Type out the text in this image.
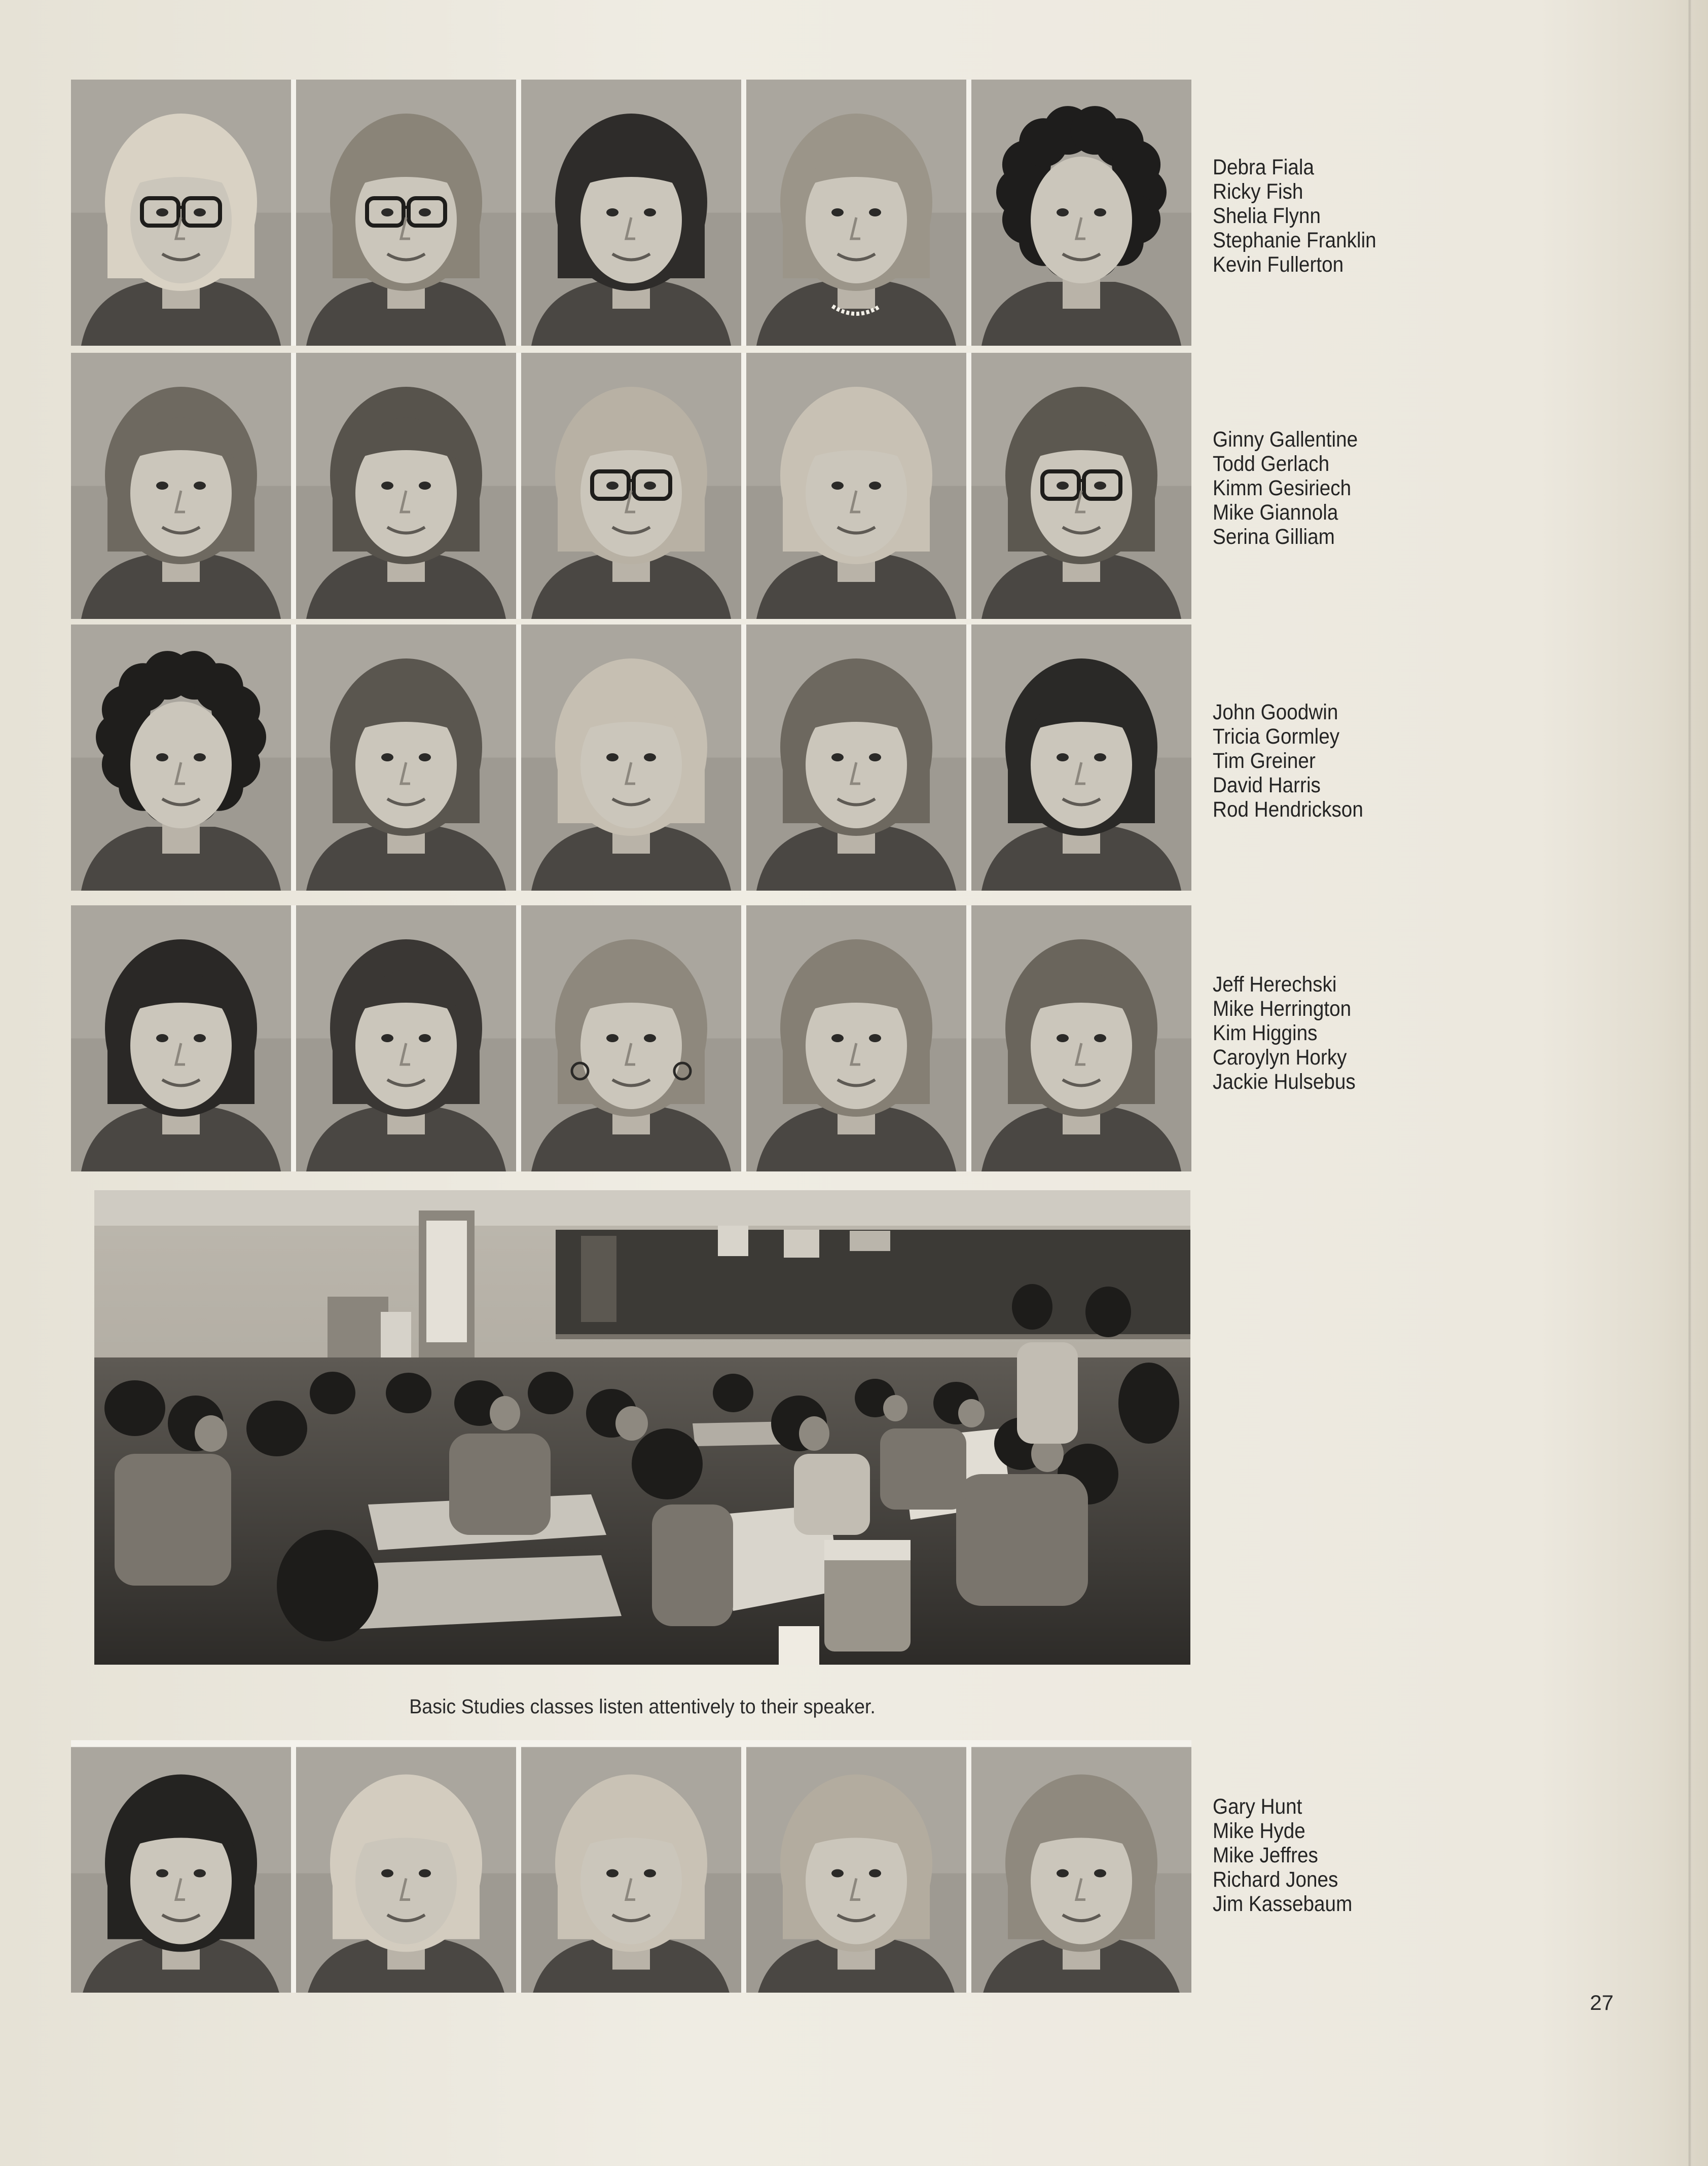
Debra Fiala
Ricky Fish
Shelia Flynn
Stephanie Franklin
Kevin Fullerton
Ginny Gallentine
Todd Gerlach
Kimm Gesiriech
Mike Giannola
Serina Gilliam
John Goodwin
Tricia Gormley
Tim Greiner
David Harris
Rod Hendrickson
Jeff Herechski
Mike Herrington
Kim Higgins
Caroylyn Horky
Jackie Hulsebus
Basic Studies classes listen attentively to their speaker.
Gary Hunt
Mike Hyde
Mike Jeffres
Richard Jones
Jim Kassebaum
27
